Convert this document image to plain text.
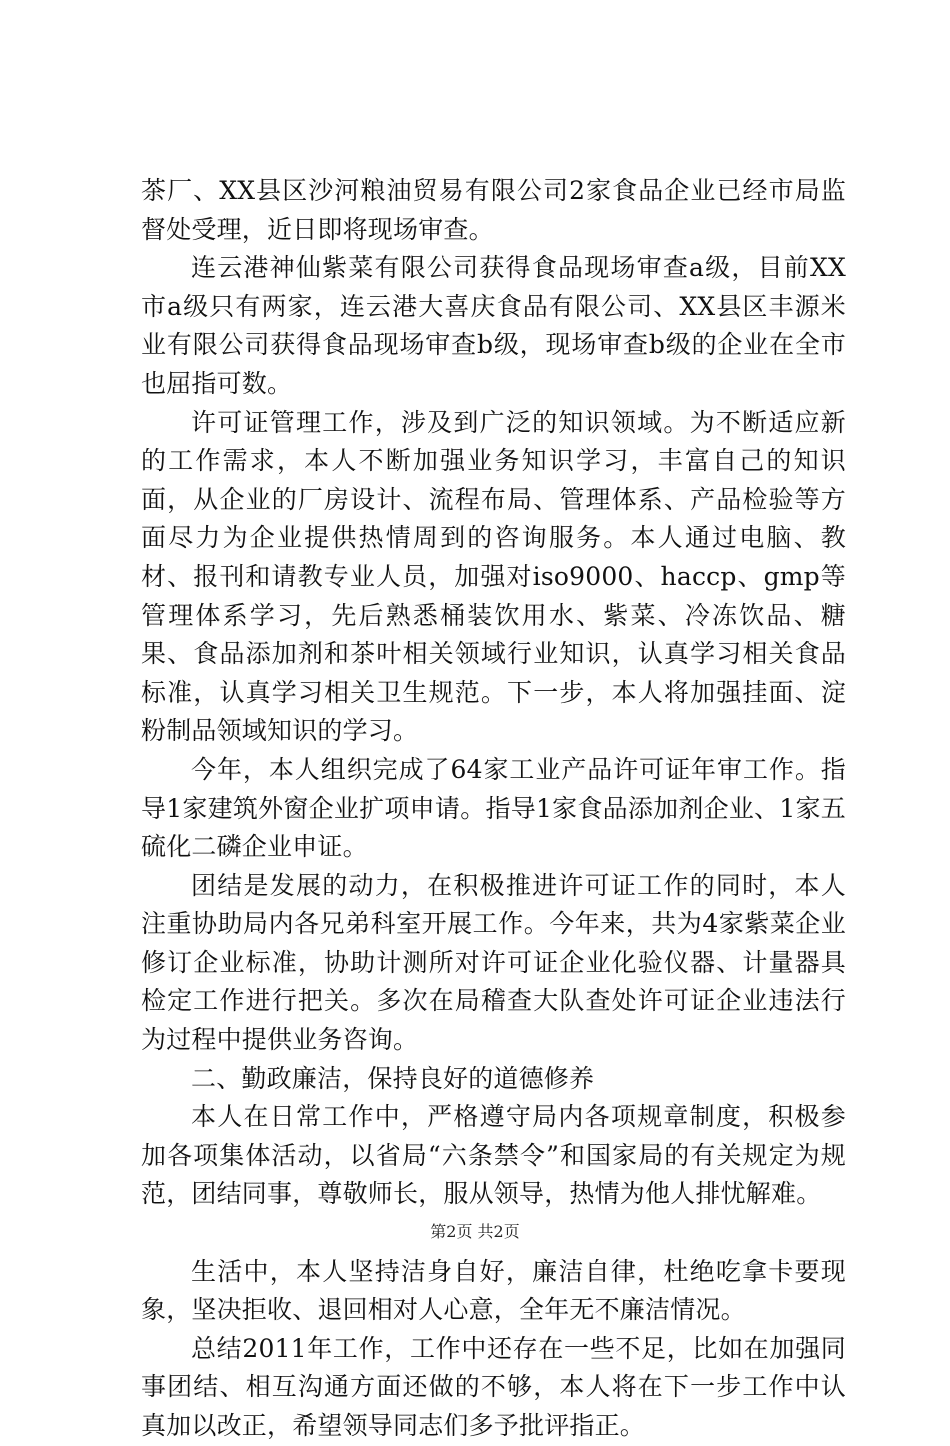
茶厂、XX县区沙河粮油贸易有限公司2家食品企业已经市局监督处受理，近日即将现场审查。

连云港神仙紫菜有限公司获得食品现场审查a级，目前XX市a级只有两家，连云港大喜庆食品有限公司、XX县区丰源米业有限公司获得食品现场审查b级，现场审查b级的企业在全市也屈指可数。

许可证管理工作，涉及到广泛的知识领域。为不断适应新的工作需求，本人不断加强业务知识学习，丰富自己的知识面，从企业的厂房设计、流程布局、管理体系、产品检验等方面尽力为企业提供热情周到的咨询服务。本人通过电脑、教材、报刊和请教专业人员，加强对iso9000、haccp、gmp等管理体系学习，先后熟悉桶装饮用水、紫菜、冷冻饮品、糖果、食品添加剂和茶叶相关领域行业知识，认真学习相关食品标准，认真学习相关卫生规范。下一步，本人将加强挂面、淀粉制品领域知识的学习。

今年，本人组织完成了64家工业产品许可证年审工作。指导1家建筑外窗企业扩项申请。指导1家食品添加剂企业、1家五硫化二磷企业申证。

团结是发展的动力，在积极推进许可证工作的同时，本人注重协助局内各兄弟科室开展工作。今年来，共为4家紫菜企业修订企业标准，协助计测所对许可证企业化验仪器、计量器具检定工作进行把关。多次在局稽查大队查处许可证企业违法行为过程中提供业务咨询。

二、勤政廉洁，保持良好的道德修养

本人在日常工作中，严格遵守局内各项规章制度，积极参加各项集体活动，以省局“六条禁令”和国家局的有关规定为规范，团结同事，尊敬师长，服从领导，热情为他人排忧解难。

生活中，本人坚持洁身自好，廉洁自律，杜绝吃拿卡要现象，坚决拒收、退回相对人心意，全年无不廉洁情况。

总结2011年工作，工作中还存在一些不足，比如在加强同事团结、相互沟通方面还做的不够，本人将在下一步工作中认真加以改正，希望领导同志们多予批评指正。

第2页 共2页
